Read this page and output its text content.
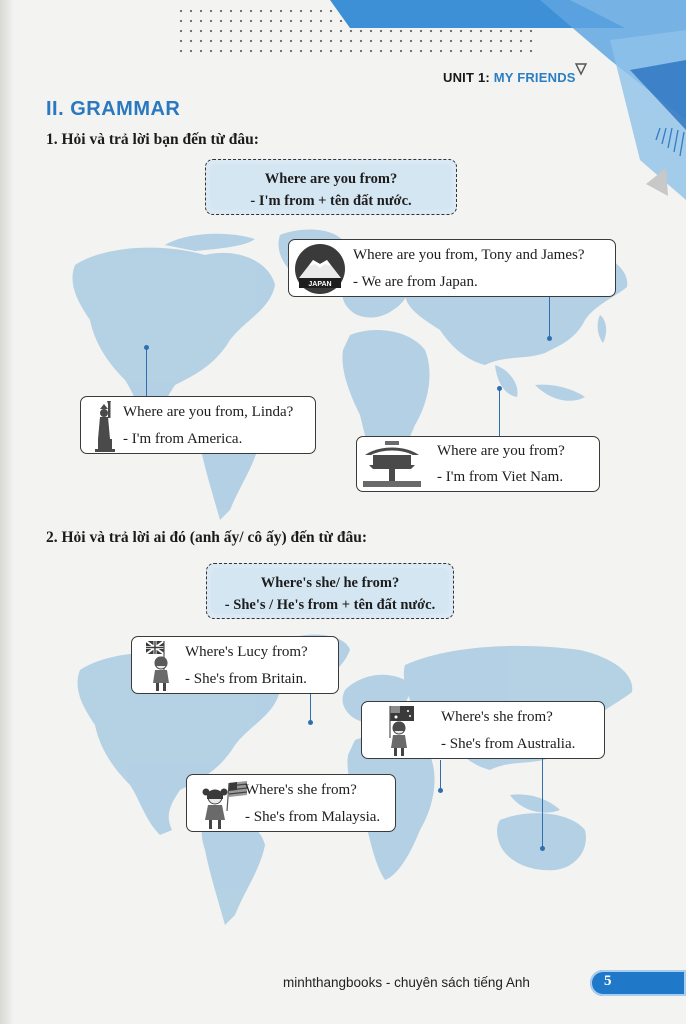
UNIT 1: MY FRIENDS
II. GRAMMAR
1. Hỏi và trả lời bạn đến từ đâu:
Where are you from?
- I'm from + tên đất nước.
JAPAN
Where are you from, Tony and James?
- We are from Japan.
Where are you from, Linda?
- I'm from America.
Where are you from?
- I'm from Viet Nam.
2. Hỏi và trả lời ai đó (anh ấy/ cô ấy) đến từ đâu:
Where's she/ he from?
- She's / He's from + tên đất nước.
Where's Lucy from?
- She's from Britain.
Where's she from?
- She's from Australia.
Where's she from?
- She's from Malaysia.
minhthangbooks - chuyên sách tiếng Anh	5
